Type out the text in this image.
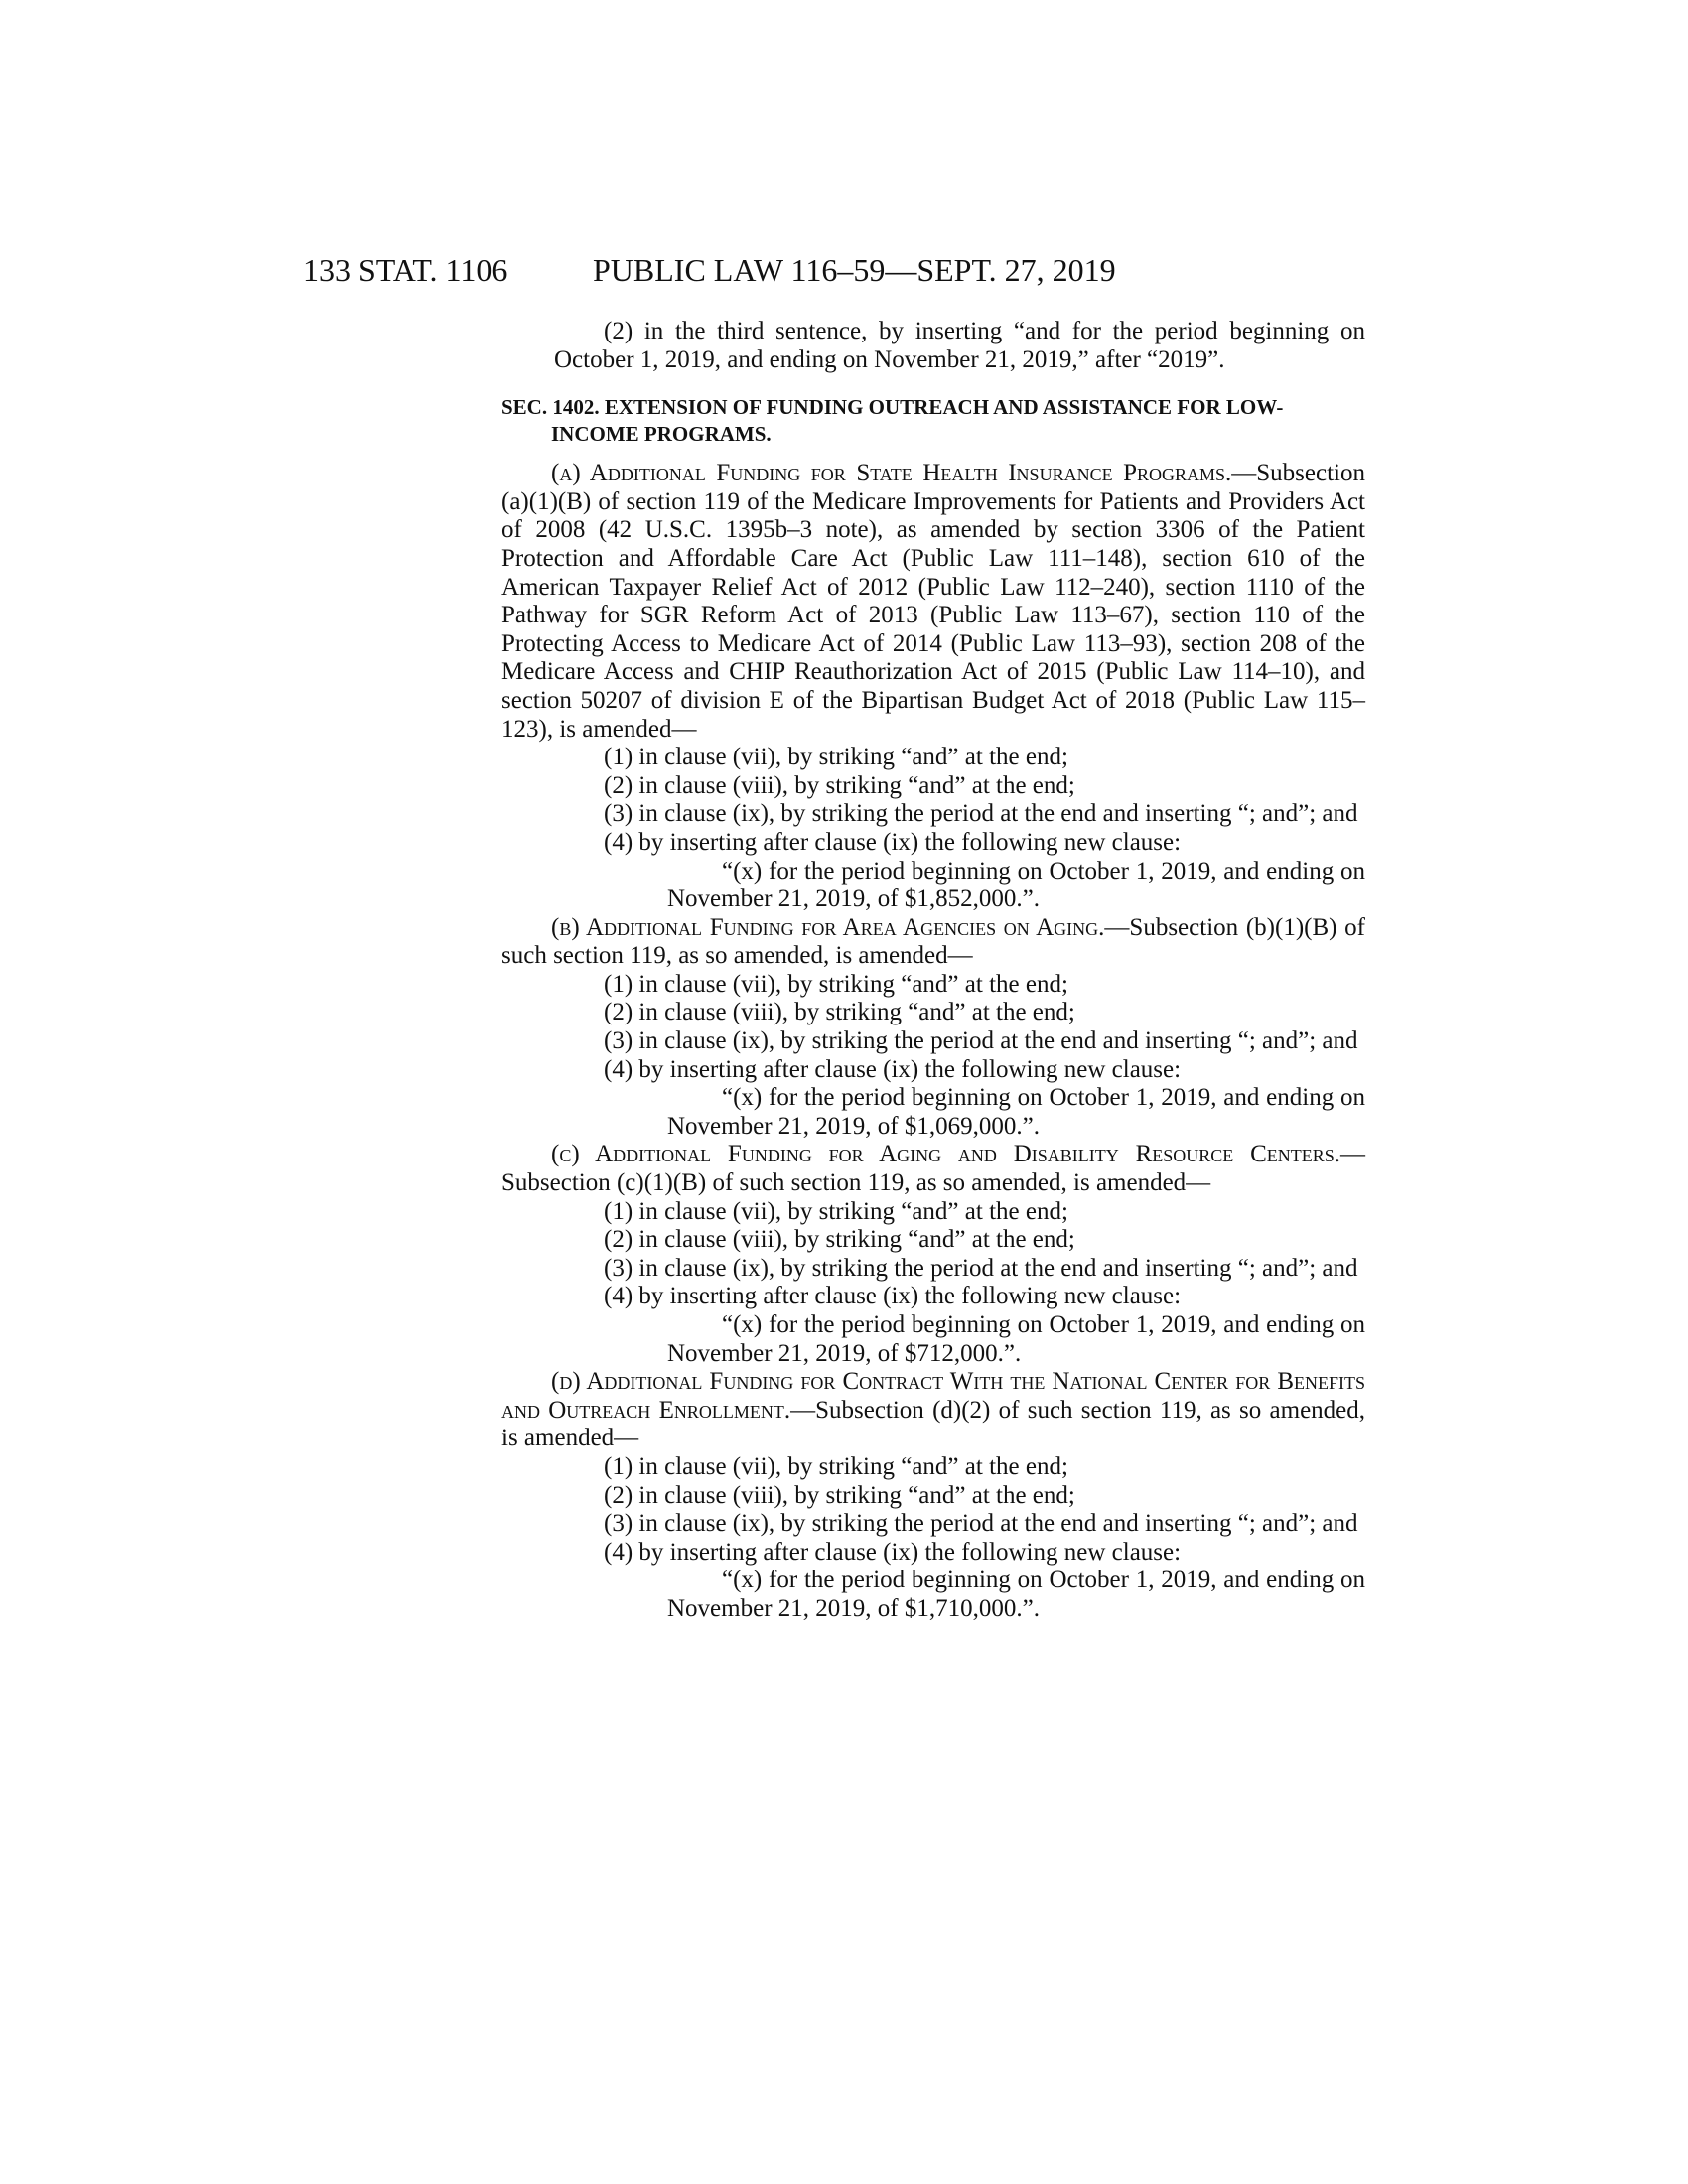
133 STAT. 1106	PUBLIC LAW 116–59—SEPT. 27, 2019

(2) in the third sentence, by inserting “and for the period beginning on October 1, 2019, and ending on November 21, 2019,” after “2019”.

SEC. 1402. EXTENSION OF FUNDING OUTREACH AND ASSISTANCE FOR LOW-INCOME PROGRAMS.

(a) Additional Funding for State Health Insurance Programs.—Subsection (a)(1)(B) of section 119 of the Medicare Improvements for Patients and Providers Act of 2008 (42 U.S.C. 1395b–3 note), as amended by section 3306 of the Patient Protection and Affordable Care Act (Public Law 111–148), section 610 of the American Taxpayer Relief Act of 2012 (Public Law 112–240), section 1110 of the Pathway for SGR Reform Act of 2013 (Public Law 113–67), section 110 of the Protecting Access to Medicare Act of 2014 (Public Law 113–93), section 208 of the Medicare Access and CHIP Reauthorization Act of 2015 (Public Law 114–10), and section 50207 of division E of the Bipartisan Budget Act of 2018 (Public Law 115–123), is amended—

(1) in clause (vii), by striking “and” at the end;

(2) in clause (viii), by striking “and” at the end;

(3) in clause (ix), by striking the period at the end and inserting “; and”; and

(4) by inserting after clause (ix) the following new clause:

“(x) for the period beginning on October 1, 2019, and ending on November 21, 2019, of $1,852,000.”.

(b) Additional Funding for Area Agencies on Aging.—Subsection (b)(1)(B) of such section 119, as so amended, is amended—

(1) in clause (vii), by striking “and” at the end;

(2) in clause (viii), by striking “and” at the end;

(3) in clause (ix), by striking the period at the end and inserting “; and”; and

(4) by inserting after clause (ix) the following new clause:

“(x) for the period beginning on October 1, 2019, and ending on November 21, 2019, of $1,069,000.”.

(c) Additional Funding for Aging and Disability Resource Centers.—Subsection (c)(1)(B) of such section 119, as so amended, is amended—

(1) in clause (vii), by striking “and” at the end;

(2) in clause (viii), by striking “and” at the end;

(3) in clause (ix), by striking the period at the end and inserting “; and”; and

(4) by inserting after clause (ix) the following new clause:

“(x) for the period beginning on October 1, 2019, and ending on November 21, 2019, of $712,000.”.

(d) Additional Funding for Contract With the National Center for Benefits and Outreach Enrollment.—Subsection (d)(2) of such section 119, as so amended, is amended—

(1) in clause (vii), by striking “and” at the end;

(2) in clause (viii), by striking “and” at the end;

(3) in clause (ix), by striking the period at the end and inserting “; and”; and

(4) by inserting after clause (ix) the following new clause:

“(x) for the period beginning on October 1, 2019, and ending on November 21, 2019, of $1,710,000.”.
